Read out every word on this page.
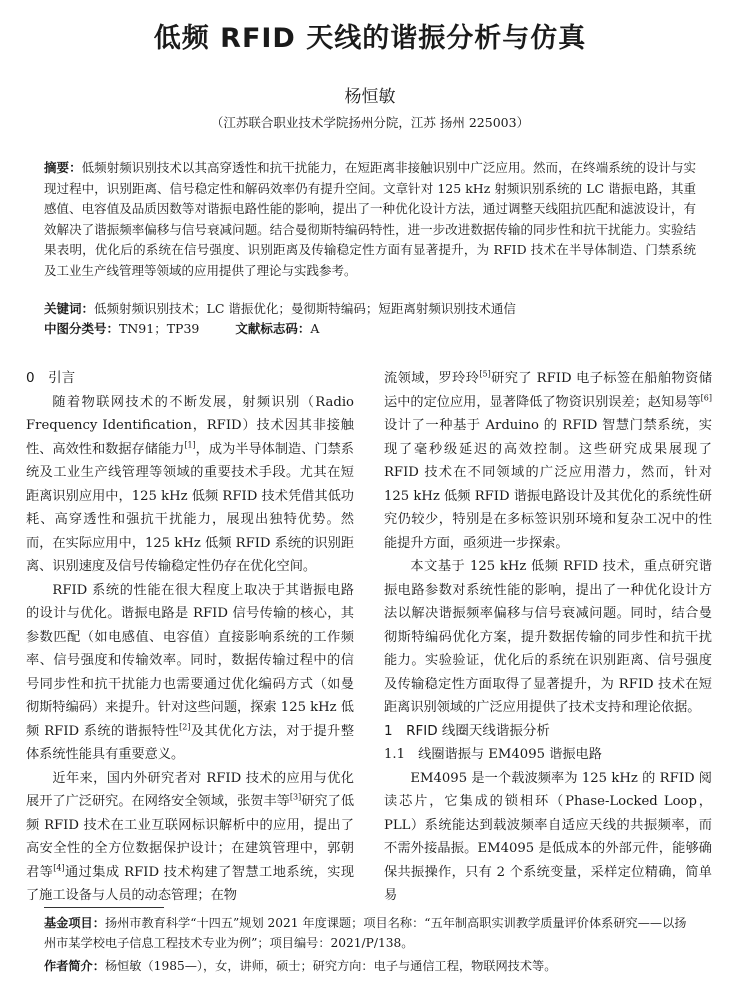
低频 RFID 天线的谐振分析与仿真
杨恒敏
（江苏联合职业技术学院扬州分院，江苏 扬州 225003）
摘要：低频射频识别技术以其高穿透性和抗干扰能力，在短距离非接触识别中广泛应用。然而，在终端系统的设计与实现过程中，识别距离、信号稳定性和解码效率仍有提升空间。文章针对 125 kHz 射频识别系统的 LC 谐振电路，其重感值、电容值及品质因数等对谐振电路性能的影响，提出了一种优化设计方法，通过调整天线阻抗匹配和滤波设计，有效解决了谐振频率偏移与信号衰减问题。结合曼彻斯特编码特性，进一步改进数据传输的同步性和抗干扰能力。实验结果表明，优化后的系统在信号强度、识别距离及传输稳定性方面有显著提升，为 RFID 技术在半导体制造、门禁系统及工业生产线管理等领域的应用提供了理论与实践参考。
关键词：低频射频识别技术；LC 谐振优化；曼彻斯特编码；短距离射频识别技术通信
中图分类号：TN91；TP39	文献标志码：A
0　引言

随着物联网技术的不断发展，射频识别（Radio Frequency Identification，RFID）技术因其非接触性、高效性和数据存储能力[1]，成为半导体制造、门禁系统及工业生产线管理等领域的重要技术手段。尤其在短距离识别应用中，125 kHz 低频 RFID 技术凭借其低功耗、高穿透性和强抗干扰能力，展现出独特优势。然而，在实际应用中，125 kHz 低频 RFID 系统的识别距离、识别速度及信号传输稳定性仍存在优化空间。

RFID 系统的性能在很大程度上取决于其谐振电路的设计与优化。谐振电路是 RFID 信号传输的核心，其参数匹配（如电感值、电容值）直接影响系统的工作频率、信号强度和传输效率。同时，数据传输过程中的信号同步性和抗干扰能力也需要通过优化编码方式（如曼彻斯特编码）来提升。针对这些问题，探索 125 kHz 低频 RFID 系统的谐振特性[2]及其优化方法，对于提升整体系统性能具有重要意义。

近年来，国内外研究者对 RFID 技术的应用与优化展开了广泛研究。在网络安全领域，张贺丰等[3]研究了低频 RFID 技术在工业互联网标识解析中的应用，提出了高安全性的全方位数据保护设计；在建筑管理中，郭朝君等[4]通过集成 RFID 技术构建了智慧工地系统，实现了施工设备与人员的动态管理；在物

流领域，罗玲玲[5]研究了 RFID 电子标签在船舶物资储运中的定位应用，显著降低了物资识别误差；赵知易等[6]设计了一种基于 Arduino 的 RFID 智慧门禁系统，实现了毫秒级延迟的高效控制。这些研究成果展现了 RFID 技术在不同领域的广泛应用潜力，然而，针对 125 kHz 低频 RFID 谐振电路设计及其优化的系统性研究仍较少，特别是在多标签识别环境和复杂工况中的性能提升方面，亟须进一步探索。

本文基于 125 kHz 低频 RFID 技术，重点研究谐振电路参数对系统性能的影响，提出了一种优化设计方法以解决谐振频率偏移与信号衰减问题。同时，结合曼彻斯特编码优化方案，提升数据传输的同步性和抗干扰能力。实验验证，优化后的系统在识别距离、信号强度及传输稳定性方面取得了显著提升，为 RFID 技术在短距离识别领域的广泛应用提供了技术支持和理论依据。

1　RFID 线圈天线谐振分析
1.1　线圈谐振与 EM4095 谐振电路

EM4095 是一个载波频率为 125 kHz 的 RFID 阅读芯片，它集成的锁相环（Phase-Locked Loop，PLL）系统能达到载波频率自适应天线的共振频率，而不需外接晶振。EM4095 是低成本的外部元件，能够确保共振操作，只有 2 个系统变量，采样定位精确，简单易

基金项目：扬州市教育科学“十四五”规划 2021 年度课题；项目名称：“五年制高职实训教学质量评价体系研究——以扬州市某学校电子信息工程技术专业为例”；项目编号：2021/P/138。
作者简介：杨恒敏（1985—），女，讲师，硕士；研究方向：电子与通信工程，物联网技术等。
